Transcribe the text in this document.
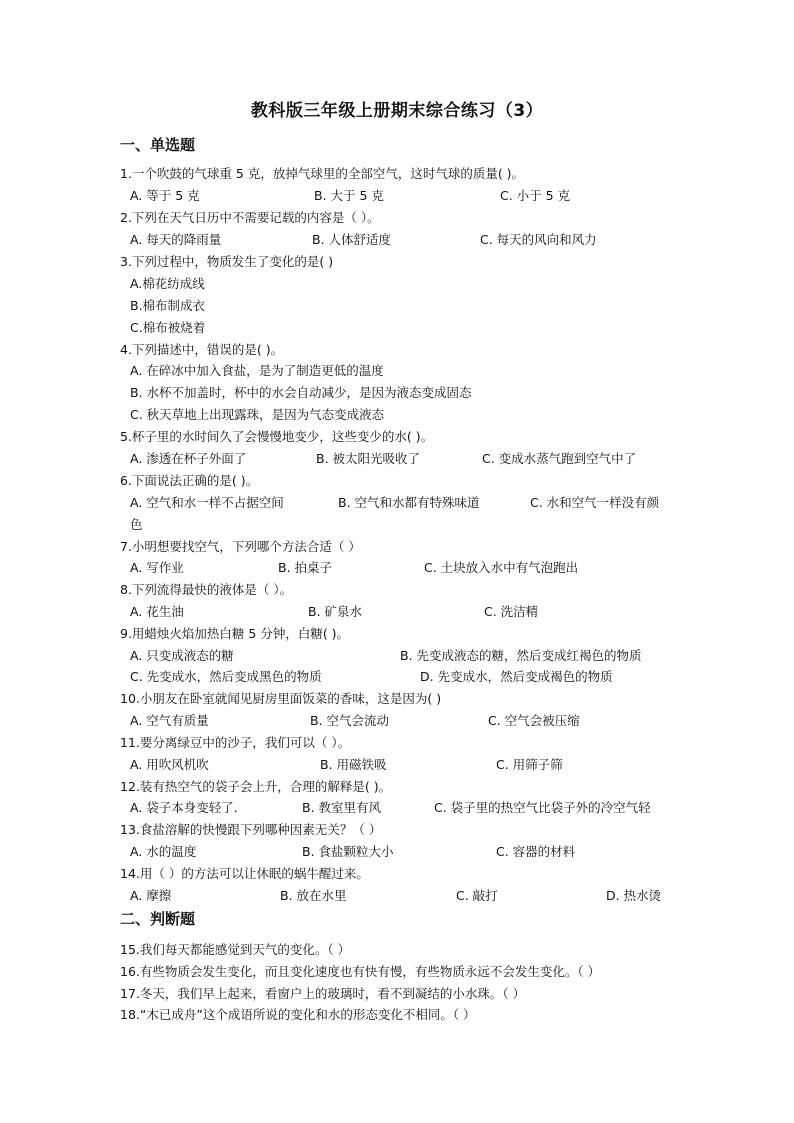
教科版三年级上册期末综合练习（3）
一、单选题
1.一个吹鼓的气球重 5 克，放掉气球里的全部空气，这时气球的质量( )。
A. 等于 5 克	B. 大于 5 克	C. 小于 5 克
2.下列在天气日历中不需要记载的内容是（ ）。
A. 每天的降雨量	B. 人体舒适度	C. 每天的风向和风力
3.下列过程中，物质发生了变化的是( )
A.棉花纺成线
B.棉布制成衣
C.棉布被烧着
4.下列描述中，错误的是( )。
A. 在碎冰中加入食盐，是为了制造更低的温度
B. 水杯不加盖时，杯中的水会自动减少，是因为液态变成固态
C. 秋天草地上出现露珠，是因为气态变成液态
5.杯子里的水时间久了会慢慢地变少，这些变少的水( )。
A. 渗透在杯子外面了	B. 被太阳光吸收了	C. 变成水蒸气跑到空气中了
6.下面说法正确的是( )。
A. 空气和水一样不占据空间	B. 空气和水都有特殊味道	C. 水和空气一样没有颜
色
7.小明想要找空气，下列哪个方法合适（ ）
A. 写作业	B. 拍桌子	C. 土块放入水中有气泡跑出
8.下列流得最快的液体是（ ）。
A. 花生油	B. 矿泉水	C. 洗洁精
9.用蜡烛火焰加热白糖 5 分钟，白糖( )。
A. 只变成液态的糖	B. 先变成液态的糖，然后变成红褐色的物质
C. 先变成水，然后变成黑色的物质	D. 先变成水，然后变成褐色的物质
10.小朋友在卧室就闻见厨房里面饭菜的香味，这是因为( )
A. 空气有质量	B. 空气会流动	C. 空气会被压缩
11.要分离绿豆中的沙子，我们可以（ ）。
A. 用吹风机吹	B. 用磁铁吸	C. 用筛子筛
12.装有热空气的袋子会上升，合理的解释是( )。
A. 袋子本身变轻了．	B. 教室里有风	C. 袋子里的热空气比袋子外的冷空气轻
13.食盐溶解的快慢跟下列哪种因素无关？（ ）
A. 水的温度	B. 食盐颗粒大小	C. 容器的材料
14.用（ ）的方法可以让休眠的蜗牛醒过来。
A. 摩擦	B. 放在水里	C. 敲打	D. 热水烫
二、判断题
15.我们每天都能感觉到天气的变化。（ ）
16.有些物质会发生变化，而且变化速度也有快有慢，有些物质永远不会发生变化。（ ）
17.冬天，我们早上起来，看窗户上的玻璃时，看不到凝结的小水珠。（ ）
18.“木已成舟”这个成语所说的变化和水的形态变化不相同。（ ）
